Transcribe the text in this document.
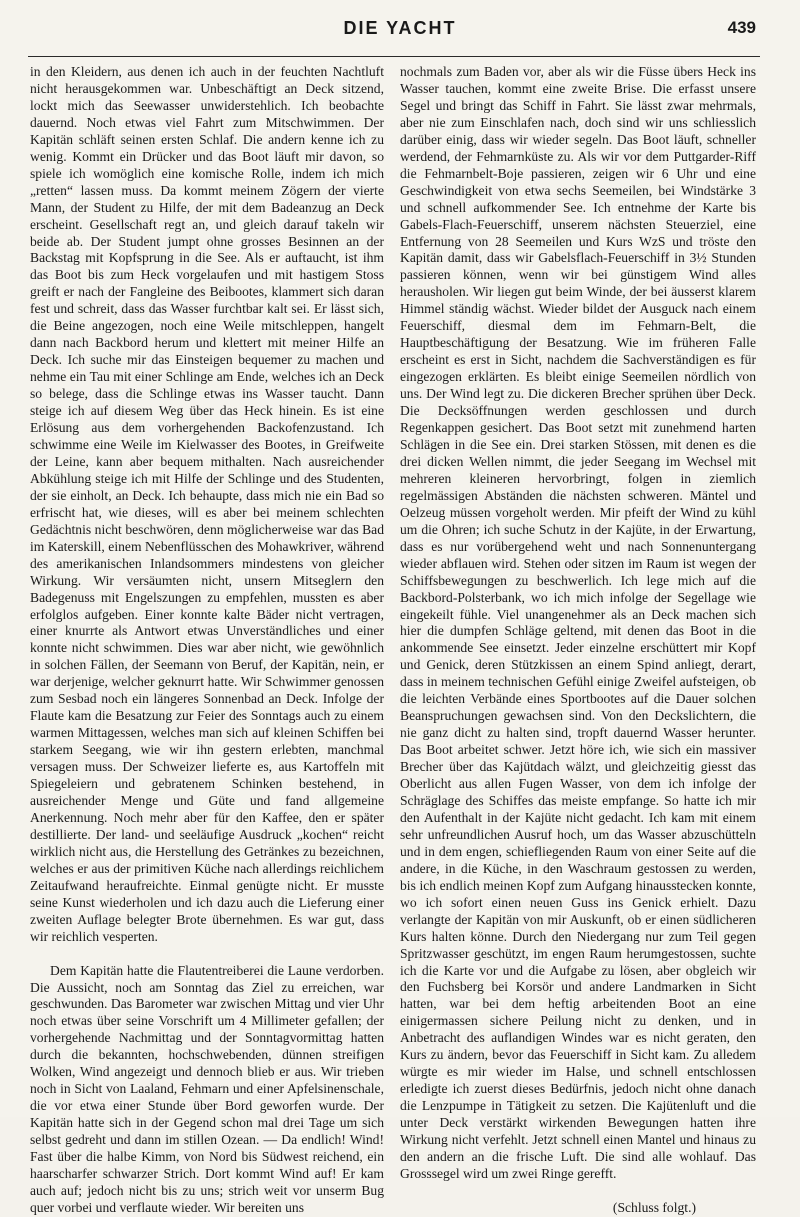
DIE YACHT	439

in den Kleidern, aus denen ich auch in der feuchten Nachtluft nicht herausgekommen war. Unbeschäftigt an Deck sitzend, lockt mich das Seewasser unwiderstehlich. Ich beobachte dauernd. Noch etwas viel Fahrt zum Mitschwimmen. Der Kapitän schläft seinen ersten Schlaf. Die andern kenne ich zu wenig. Kommt ein Drücker und das Boot läuft mir davon, so spiele ich womöglich eine komische Rolle, indem ich mich „retten“ lassen muss. Da kommt meinem Zögern der vierte Mann, der Student zu Hilfe, der mit dem Badeanzug an Deck erscheint. Gesellschaft regt an, und gleich darauf takeln wir beide ab. Der Student jumpt ohne grosses Besinnen an der Backstag mit Kopfsprung in die See. Als er auftaucht, ist ihm das Boot bis zum Heck vorgelaufen und mit hastigem Stoss greift er nach der Fangleine des Beibootes, klammert sich daran fest und schreit, dass das Wasser furchtbar kalt sei. Er lässt sich, die Beine angezogen, noch eine Weile mitschleppen, hangelt dann nach Backbord herum und klettert mit meiner Hilfe an Deck. Ich suche mir das Einsteigen bequemer zu machen und nehme ein Tau mit einer Schlinge am Ende, welches ich an Deck so belege, dass die Schlinge etwas ins Wasser taucht. Dann steige ich auf diesem Weg über das Heck hinein. Es ist eine Erlösung aus dem vorhergehenden Backofenzustand. Ich schwimme eine Weile im Kielwasser des Bootes, in Greifweite der Leine, kann aber bequem mithalten. Nach ausreichender Abkühlung steige ich mit Hilfe der Schlinge und des Studenten, der sie einholt, an Deck. Ich behaupte, dass mich nie ein Bad so erfrischt hat, wie dieses, will es aber bei meinem schlechten Gedächtnis nicht beschwören, denn möglicherweise war das Bad im Katerskill, einem Nebenflüsschen des Mohawkriver, während des amerikanischen Inlandsommers mindestens von gleicher Wirkung. Wir versäumten nicht, unsern Mitseglern den Badegenuss mit Engelszungen zu empfehlen, mussten es aber erfolglos aufgeben. Einer konnte kalte Bäder nicht vertragen, einer knurrte als Antwort etwas Unverständliches und einer konnte nicht schwimmen. Dies war aber nicht, wie gewöhnlich in solchen Fällen, der Seemann von Beruf, der Kapitän, nein, er war derjenige, welcher geknurrt hatte. Wir Schwimmer genossen zum Sesbad noch ein längeres Sonnenbad an Deck. Infolge der Flaute kam die Besatzung zur Feier des Sonntags auch zu einem warmen Mittagessen, welches man sich auf kleinen Schiffen bei starkem Seegang, wie wir ihn gestern erlebten, manchmal versagen muss. Der Schweizer lieferte es, aus Kartoffeln mit Spiegeleiern und gebratenem Schinken bestehend, in ausreichender Menge und Güte und fand allgemeine Anerkennung. Noch mehr aber für den Kaffee, den er später destillierte. Der land- und seeläufige Ausdruck „kochen“ reicht wirklich nicht aus, die Herstellung des Getränkes zu bezeichnen, welches er aus der primitiven Küche nach allerdings reichlichem Zeitaufwand heraufreichte. Einmal genügte nicht. Er musste seine Kunst wiederholen und ich dazu auch die Lieferung einer zweiten Auflage belegter Brote übernehmen. Es war gut, dass wir reichlich vesperten.

Dem Kapitän hatte die Flautentreiberei die Laune verdorben. Die Aussicht, noch am Sonntag das Ziel zu erreichen, war geschwunden. Das Barometer war zwischen Mittag und vier Uhr noch etwas über seine Vorschrift um 4 Millimeter gefallen; der vorhergehende Nachmittag und der Sonntagvormittag hatten durch die bekannten, hochschwebenden, dünnen streifigen Wolken, Wind angezeigt und dennoch blieb er aus. Wir trieben noch in Sicht von Laaland, Fehmarn und einer Apfelsinenschale, die vor etwa einer Stunde über Bord geworfen wurde. Der Kapitän hatte sich in der Gegend schon mal drei Tage um sich selbst gedreht und dann im stillen Ozean. — Da endlich! Wind! Fast über die halbe Kimm, von Nord bis Südwest reichend, ein haarscharfer schwarzer Strich. Dort kommt Wind auf! Er kam auch auf; jedoch nicht bis zu uns; strich weit vor unserm Bug quer vorbei und verflaute wieder. Wir bereiten uns

nochmals zum Baden vor, aber als wir die Füsse übers Heck ins Wasser tauchen, kommt eine zweite Brise. Die erfasst unsere Segel und bringt das Schiff in Fahrt. Sie lässt zwar mehrmals, aber nie zum Einschlafen nach, doch sind wir uns schliesslich darüber einig, dass wir wieder segeln. Das Boot läuft, schneller werdend, der Fehmarnküste zu. Als wir vor dem Puttgarder-Riff die Fehmarnbelt-Boje passieren, zeigen wir 6 Uhr und eine Geschwindigkeit von etwa sechs Seemeilen, bei Windstärke 3 und schnell aufkommender See. Ich entnehme der Karte bis Gabels-Flach-Feuerschiff, unserem nächsten Steuerziel, eine Entfernung von 28 Seemeilen und Kurs WzS und tröste den Kapitän damit, dass wir Gabelsflach-Feuerschiff in 3½ Stunden passieren können, wenn wir bei günstigem Wind alles herausholen. Wir liegen gut beim Winde, der bei äusserst klarem Himmel ständig wächst. Wieder bildet der Ausguck nach einem Feuerschiff, diesmal dem im Fehmarn-Belt, die Hauptbeschäftigung der Besatzung. Wie im früheren Falle erscheint es erst in Sicht, nachdem die Sachverständigen es für eingezogen erklärten. Es bleibt einige Seemeilen nördlich von uns. Der Wind legt zu. Die dickeren Brecher sprühen über Deck. Die Decksöffnungen werden geschlossen und durch Regenkappen gesichert. Das Boot setzt mit zunehmend harten Schlägen in die See ein. Drei starken Stössen, mit denen es die drei dicken Wellen nimmt, die jeder Seegang im Wechsel mit mehreren kleineren hervorbringt, folgen in ziemlich regelmässigen Abständen die nächsten schweren. Mäntel und Oelzeug müssen vorgeholt werden. Mir pfeift der Wind zu kühl um die Ohren; ich suche Schutz in der Kajüte, in der Erwartung, dass es nur vorübergehend weht und nach Sonnenuntergang wieder abflauen wird. Stehen oder sitzen im Raum ist wegen der Schiffsbewegungen zu beschwerlich. Ich lege mich auf die Backbord-Polsterbank, wo ich mich infolge der Segellage wie eingekeilt fühle. Viel unangenehmer als an Deck machen sich hier die dumpfen Schläge geltend, mit denen das Boot in die ankommende See einsetzt. Jeder einzelne erschüttert mir Kopf und Genick, deren Stützkissen an einem Spind anliegt, derart, dass in meinem technischen Gefühl einige Zweifel aufsteigen, ob die leichten Verbände eines Sportbootes auf die Dauer solchen Beanspruchungen gewachsen sind. Von den Deckslichtern, die nie ganz dicht zu halten sind, tropft dauernd Wasser herunter. Das Boot arbeitet schwer. Jetzt höre ich, wie sich ein massiver Brecher über das Kajütdach wälzt, und gleichzeitig giesst das Oberlicht aus allen Fugen Wasser, von dem ich infolge der Schräglage des Schiffes das meiste empfange. So hatte ich mir den Aufenthalt in der Kajüte nicht gedacht. Ich kam mit einem sehr unfreundlichen Ausruf hoch, um das Wasser abzuschütteln und in dem engen, schiefliegenden Raum von einer Seite auf die andere, in die Küche, in den Waschraum gestossen zu werden, bis ich endlich meinen Kopf zum Aufgang hinausstecken konnte, wo ich sofort einen neuen Guss ins Genick erhielt. Dazu verlangte der Kapitän von mir Auskunft, ob er einen südlicheren Kurs halten könne. Durch den Niedergang nur zum Teil gegen Spritzwasser geschützt, im engen Raum herumgestossen, suchte ich die Karte vor und die Aufgabe zu lösen, aber obgleich wir den Fuchsberg bei Korsör und andere Landmarken in Sicht hatten, war bei dem heftig arbeitenden Boot an eine einigermassen sichere Peilung nicht zu denken, und in Anbetracht des auflandigen Windes war es nicht geraten, den Kurs zu ändern, bevor das Feuerschiff in Sicht kam. Zu alledem würgte es mir wieder im Halse, und schnell entschlossen erledigte ich zuerst dieses Bedürfnis, jedoch nicht ohne danach die Lenzpumpe in Tätigkeit zu setzen. Die Kajütenluft und die unter Deck verstärkt wirkenden Bewegungen hatten ihre Wirkung nicht verfehlt. Jetzt schnell einen Mantel und hinaus zu den andern an die frische Luft. Die sind alle wohlauf. Das Grosssegel wird um zwei Ringe gerefft.

(Schluss folgt.)
